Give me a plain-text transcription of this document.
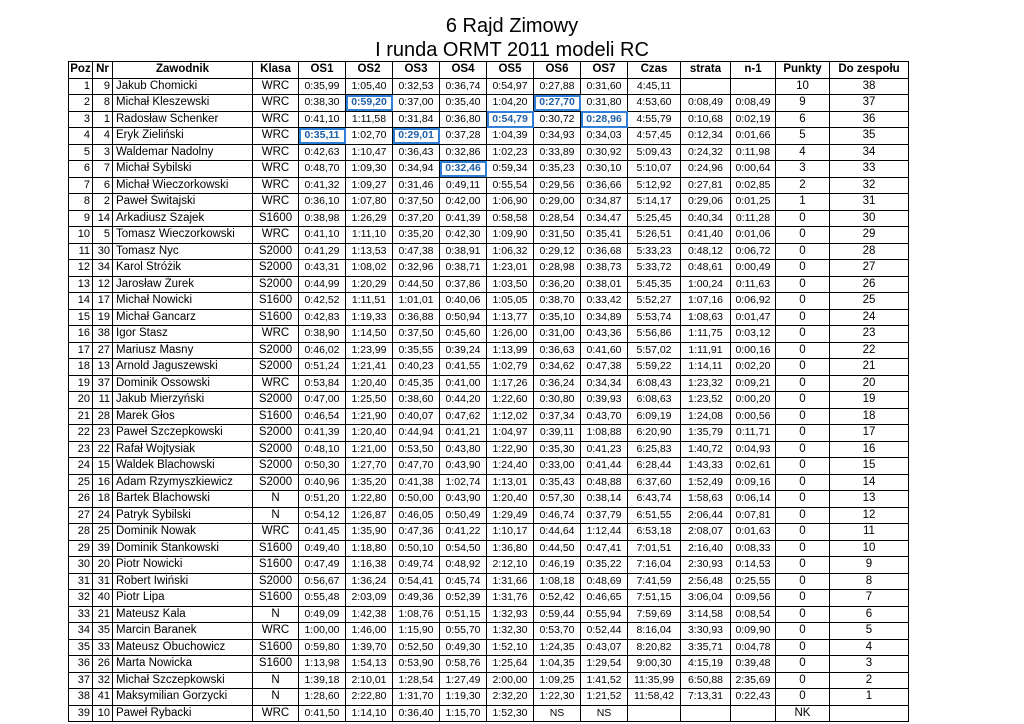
6 Rajd Zimowy
I runda ORMT 2011 modeli RC
Poz	Nr	Zawodnik	Klasa	OS1	OS2	OS3	OS4	OS5	OS6	OS7	Czas	strata	n-1	Punkty	Do zespołu
1	9	Jakub Chomicki	WRC	0:35,99	1:05,40	0:32,53	0:36,74	0:54,97	0:27,88	0:31,60	4:45,11			10	38
2	8	Michał Kleszewski	WRC	0:38,30	0:59,20	0:37,00	0:35,40	1:04,20	0:27,70	0:31,80	4:53,60	0:08,49	0:08,49	9	37
3	1	Radosław Schenker	WRC	0:41,10	1:11,58	0:31,84	0:36,80	0:54,79	0:30,72	0:28,96	4:55,79	0:10,68	0:02,19	6	36
4	4	Eryk Zieliński	WRC	0:35,11	1:02,70	0:29,01	0:37,28	1:04,39	0:34,93	0:34,03	4:57,45	0:12,34	0:01,66	5	35
5	3	Waldemar Nadolny	WRC	0:42,63	1:10,47	0:36,43	0:32,86	1:02,23	0:33,89	0:30,92	5:09,43	0:24,32	0:11,98	4	34
6	7	Michał Sybilski	WRC	0:48,70	1:09,30	0:34,94	0:32,46	0:59,34	0:35,23	0:30,10	5:10,07	0:24,96	0:00,64	3	33
7	6	Michał Wieczorkowski	WRC	0:41,32	1:09,27	0:31,46	0:49,11	0:55,54	0:29,56	0:36,66	5:12,92	0:27,81	0:02,85	2	32
8	2	Paweł Świtajski	WRC	0:36,10	1:07,80	0:37,50	0:42,00	1:06,90	0:29,00	0:34,87	5:14,17	0:29,06	0:01,25	1	31
9	14	Arkadiusz Szajek	S1600	0:38,98	1:26,29	0:37,20	0:41,39	0:58,58	0:28,54	0:34,47	5:25,45	0:40,34	0:11,28	0	30
10	5	Tomasz Wieczorkowski	WRC	0:41,10	1:11,10	0:35,20	0:42,30	1:09,90	0:31,50	0:35,41	5:26,51	0:41,40	0:01,06	0	29
11	30	Tomasz Nyc	S2000	0:41,29	1:13,53	0:47,38	0:38,91	1:06,32	0:29,12	0:36,68	5:33,23	0:48,12	0:06,72	0	28
12	34	Karol Stróżik	S2000	0:43,31	1:08,02	0:32,96	0:38,71	1:23,01	0:28,98	0:38,73	5:33,72	0:48,61	0:00,49	0	27
13	12	Jarosław Żurek	S2000	0:44,99	1:20,29	0:44,50	0:37,86	1:03,50	0:36,20	0:38,01	5:45,35	1:00,24	0:11,63	0	26
14	17	Michał Nowicki	S1600	0:42,52	1:11,51	1:01,01	0:40,06	1:05,05	0:38,70	0:33,42	5:52,27	1:07,16	0:06,92	0	25
15	19	Michał Gancarz	S1600	0:42,83	1:19,33	0:36,88	0:50,94	1:13,77	0:35,10	0:34,89	5:53,74	1:08,63	0:01,47	0	24
16	38	Igor Stasz	WRC	0:38,90	1:14,50	0:37,50	0:45,60	1:26,00	0:31,00	0:43,36	5:56,86	1:11,75	0:03,12	0	23
17	27	Mariusz Masny	S2000	0:46,02	1:23,99	0:35,55	0:39,24	1:13,99	0:36,63	0:41,60	5:57,02	1:11,91	0:00,16	0	22
18	13	Arnold Jaguszewski	S2000	0:51,24	1:21,41	0:40,23	0:41,55	1:02,79	0:34,62	0:47,38	5:59,22	1:14,11	0:02,20	0	21
19	37	Dominik Ossowski	WRC	0:53,84	1:20,40	0:45,35	0:41,00	1:17,26	0:36,24	0:34,34	6:08,43	1:23,32	0:09,21	0	20
20	11	Jakub Mierzyński	S2000	0:47,00	1:25,50	0:38,60	0:44,20	1:22,60	0:30,80	0:39,93	6:08,63	1:23,52	0:00,20	0	19
21	28	Marek Głos	S1600	0:46,54	1:21,90	0:40,07	0:47,62	1:12,02	0:37,34	0:43,70	6:09,19	1:24,08	0:00,56	0	18
22	23	Paweł Szczepkowski	S2000	0:41,39	1:20,40	0:44,94	0:41,21	1:04,97	0:39,11	1:08,88	6:20,90	1:35,79	0:11,71	0	17
23	22	Rafał Wojtysiak	S2000	0:48,10	1:21,00	0:53,50	0:43,80	1:22,90	0:35,30	0:41,23	6:25,83	1:40,72	0:04,93	0	16
24	15	Waldek Blachowski	S2000	0:50,30	1:27,70	0:47,70	0:43,90	1:24,40	0:33,00	0:41,44	6:28,44	1:43,33	0:02,61	0	15
25	16	Adam Rzymyszkiewicz	S2000	0:40,96	1:35,20	0:41,38	1:02,74	1:13,01	0:35,43	0:48,88	6:37,60	1:52,49	0:09,16	0	14
26	18	Bartek Blachowski	N	0:51,20	1:22,80	0:50,00	0:43,90	1:20,40	0:57,30	0:38,14	6:43,74	1:58,63	0:06,14	0	13
27	24	Patryk Sybilski	N	0:54,12	1:26,87	0:46,05	0:50,49	1:29,49	0:46,74	0:37,79	6:51,55	2:06,44	0:07,81	0	12
28	25	Dominik Nowak	WRC	0:41,45	1:35,90	0:47,36	0:41,22	1:10,17	0:44,64	1:12,44	6:53,18	2:08,07	0:01,63	0	11
29	39	Dominik Stankowski	S1600	0:49,40	1:18,80	0:50,10	0:54,50	1:36,80	0:44,50	0:47,41	7:01,51	2:16,40	0:08,33	0	10
30	20	Piotr Nowicki	S1600	0:47,49	1:16,38	0:49,74	0:48,92	2:12,10	0:46,19	0:35,22	7:16,04	2:30,93	0:14,53	0	9
31	31	Robert Iwiński	S2000	0:56,67	1:36,24	0:54,41	0:45,74	1:31,66	1:08,18	0:48,69	7:41,59	2:56,48	0:25,55	0	8
32	40	Piotr Lipa	S1600	0:55,48	2:03,09	0:49,36	0:52,39	1:31,76	0:52,42	0:46,65	7:51,15	3:06,04	0:09,56	0	7
33	21	Mateusz Kala	N	0:49,09	1:42,38	1:08,76	0:51,15	1:32,93	0:59,44	0:55,94	7:59,69	3:14,58	0:08,54	0	6
34	35	Marcin Baranek	WRC	1:00,00	1:46,00	1:15,90	0:55,70	1:32,30	0:53,70	0:52,44	8:16,04	3:30,93	0:09,90	0	5
35	33	Mateusz Obuchowicz	S1600	0:59,80	1:39,70	0:52,50	0:49,30	1:52,10	1:24,35	0:43,07	8:20,82	3:35,71	0:04,78	0	4
36	26	Marta Nowicka	S1600	1:13,98	1:54,13	0:53,90	0:58,76	1:25,64	1:04,35	1:29,54	9:00,30	4:15,19	0:39,48	0	3
37	32	Michał Szczepkowski	N	1:39,18	2:10,01	1:28,54	1:27,49	2:00,00	1:09,25	1:41,52	11:35,99	6:50,88	2:35,69	0	2
38	41	Maksymilian Gorzycki	N	1:28,60	2:22,80	1:31,70	1:19,30	2:32,20	1:22,30	1:21,52	11:58,42	7:13,31	0:22,43	0	1
39	10	Paweł Rybacki	WRC	0:41,50	1:14,10	0:36,40	1:15,70	1:52,30	NS	NS				NK	
